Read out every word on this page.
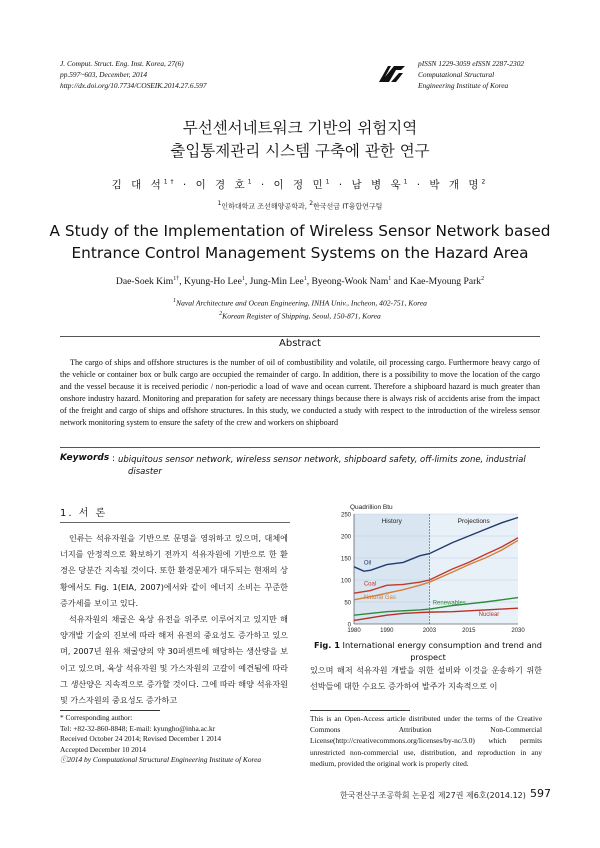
J. Comput. Struct. Eng. Inst. Korea, 27(6)
pp.597~603, December, 2014
http://dx.doi.org/10.7734/COSEIK.2014.27.6.597
pISSN 1229-3059 eISSN 2287-2302
Computational Structural
Engineering Institute of Korea
무선센서네트워크 기반의 위험지역
출입통제관리 시스템 구축에 관한 연구
김 대 석$^{1\dagger}$ · 이 경 호$^1$ · 이 정 민$^1$ · 남 병 욱$^1$ · 박 개 명$^2$
$^1$인하대학교 조선해양공학과, $^2$한국선급 IT융합연구팀
A Study of the Implementation of Wireless Sensor Network based
Entrance Control Management Systems on the Hazard Area
Dae-Soek Kim$^{1\dagger}$, Kyung-Ho Lee$^1$, Jung-Min Lee$^1$, Byeong-Wook Nam$^1$ and Kae-Myoung Park$^2$
$^1$Naval Architecture and Ocean Engineering, INHA Univ., Incheon, 402-751, Korea
$^2$Korean Register of Shipping, Seoul, 150-871, Korea
Abstract
The cargo of ships and offshore structures is the number of oil of combustibility and volatile, oil processing cargo. Furthermore heavy cargo of the vehicle or container box or bulk cargo are occupied the remainder of cargo. In addition, there is a possibility to move the location of the cargo and the vessel because it is received periodic / non-periodic a load of wave and ocean current. Therefore a shipboard hazard is much greater than onshore industry hazard. Monitoring and preparation for safety are necessary things because there is always risk of accidents arise from the impact of the freight and cargo of ships and offshore structures. In this study, we conducted a study with respect to the introduction of the wireless sensor network monitoring system to ensure the safety of the crew and workers on shipboard
Keywords : ubiquitous sensor network, wireless sensor network, shipboard safety, off-limits zone, industrial disaster
1. 서 론

인류는 석유자원을 기반으로 문명을 영위하고 있으며, 대체에너지를 안정적으로 확보하기 전까지 석유자원에 기반으로 한 환경은 당분간 지속될 것이다. 또한 환경문제가 대두되는 현재의 상황에서도 Fig. 1(EIA, 2007)에서와 같이 에너지 소비는 꾸준한 증가세를 보이고 있다.

석유자원의 채굴은 육상 유전을 위주로 이루어지고 있지만 해양개발 기술의 진보에 따라 해저 유전의 중요성도 증가하고 있으며, 2007년 원유 채굴양의 약 30퍼센트에 해당하는 생산량을 보이고 있으며, 육상 석유자원 및 가스자원의 고갈이 예견됨에 따라 그 생산양은 지속적으로 증가할 것이다. 그에 따라 해양 석유자원 및 가스자원의 중요성도 증가하고

0
50
100
150
200
250
1980	1990	2003	2015	2030
Quadrillion Btu
History	Projections
Oil
Coal
Natural Gas
Renewables
Nuclear
Fig. 1 International energy consumption and trend and prospect
있으며 해저 석유자원 개발을 위한 설비와 이것을 운송하기 위한 선박들에 대한 수요도 증가하여 발주가 지속적으로 이
* Corresponding author:
Tel: +82-32-860-8848; E-mail: kyungho@inha.ac.kr
Received October 24 2014; Revised December 1 2014
Accepted December 10 2014
ⓒ2014 by Computational Structural Engineering Institute of Korea
This is an Open-Access article distributed under the terms of the Creative Commons Attribution Non-Commercial License(http://creativecommons.org/licenses/by-nc/3.0) which permits unrestricted non-commercial use, distribution, and reproduction in any medium, provided the original work is properly cited.
한국전산구조공학회 논문집 제27권 제6호(2014.12) 597
